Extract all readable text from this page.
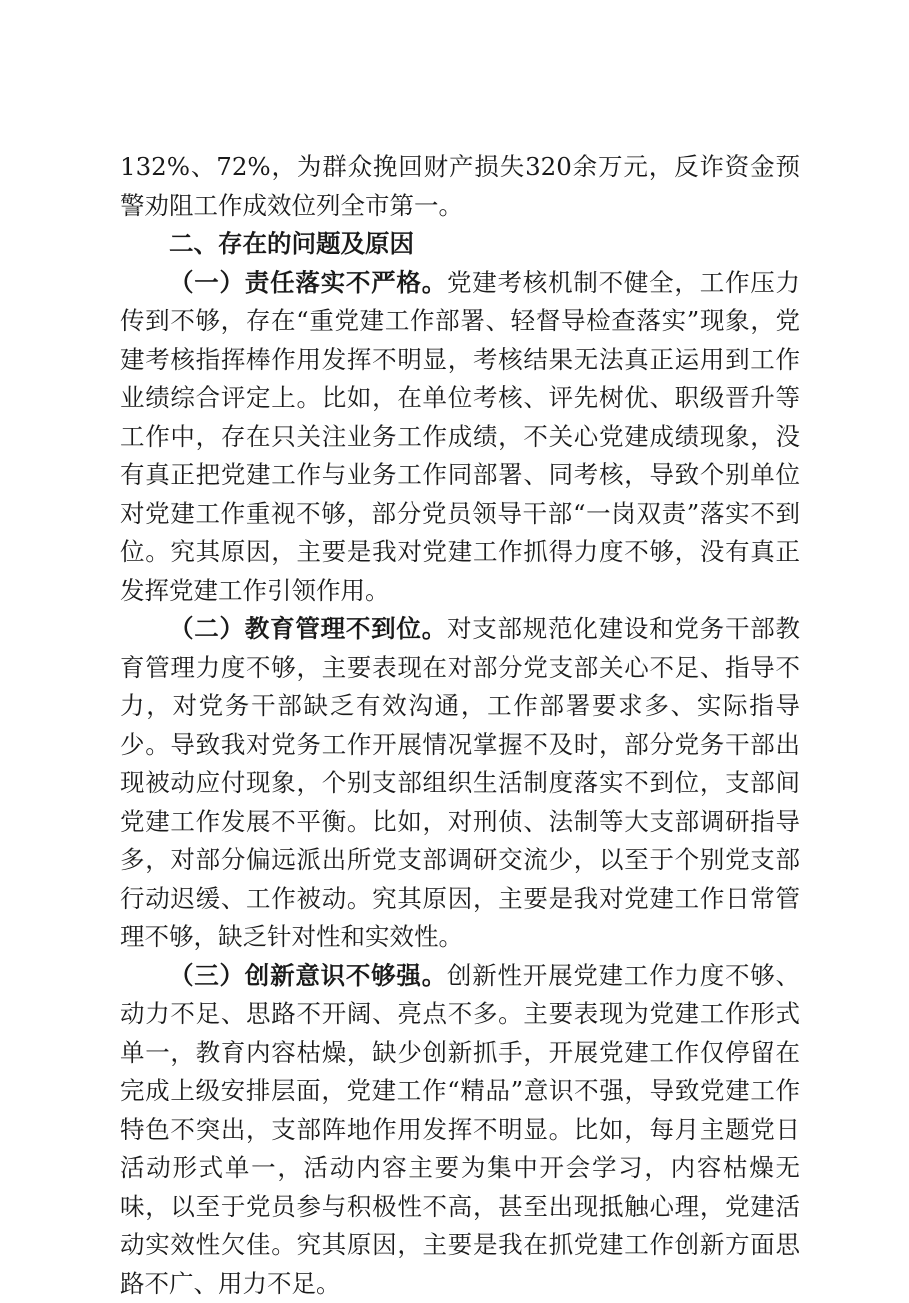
132%、72%，为群众挽回财产损失320余万元，反诈资金预警劝阻工作成效位列全市第一。

二、存在的问题及原因

（一）责任落实不严格。党建考核机制不健全，工作压力传到不够，存在“重党建工作部署、轻督导检查落实”现象，党建考核指挥棒作用发挥不明显，考核结果无法真正运用到工作业绩综合评定上。比如，在单位考核、评先树优、职级晋升等工作中，存在只关注业务工作成绩，不关心党建成绩现象，没有真正把党建工作与业务工作同部署、同考核，导致个别单位对党建工作重视不够，部分党员领导干部“一岗双责”落实不到位。究其原因，主要是我对党建工作抓得力度不够，没有真正发挥党建工作引领作用。

（二）教育管理不到位。对支部规范化建设和党务干部教育管理力度不够，主要表现在对部分党支部关心不足、指导不力，对党务干部缺乏有效沟通，工作部署要求多、实际指导少。导致我对党务工作开展情况掌握不及时，部分党务干部出现被动应付现象，个别支部组织生活制度落实不到位，支部间党建工作发展不平衡。比如，对刑侦、法制等大支部调研指导多，对部分偏远派出所党支部调研交流少，以至于个别党支部行动迟缓、工作被动。究其原因，主要是我对党建工作日常管理不够，缺乏针对性和实效性。

（三）创新意识不够强。创新性开展党建工作力度不够、动力不足、思路不开阔、亮点不多。主要表现为党建工作形式单一，教育内容枯燥，缺少创新抓手，开展党建工作仅停留在完成上级安排层面，党建工作“精品”意识不强，导致党建工作特色不突出，支部阵地作用发挥不明显。比如，每月主题党日活动形式单一，活动内容主要为集中开会学习，内容枯燥无味，以至于党员参与积极性不高，甚至出现抵触心理，党建活动实效性欠佳。究其原因，主要是我在抓党建工作创新方面思路不广、用力不足。
